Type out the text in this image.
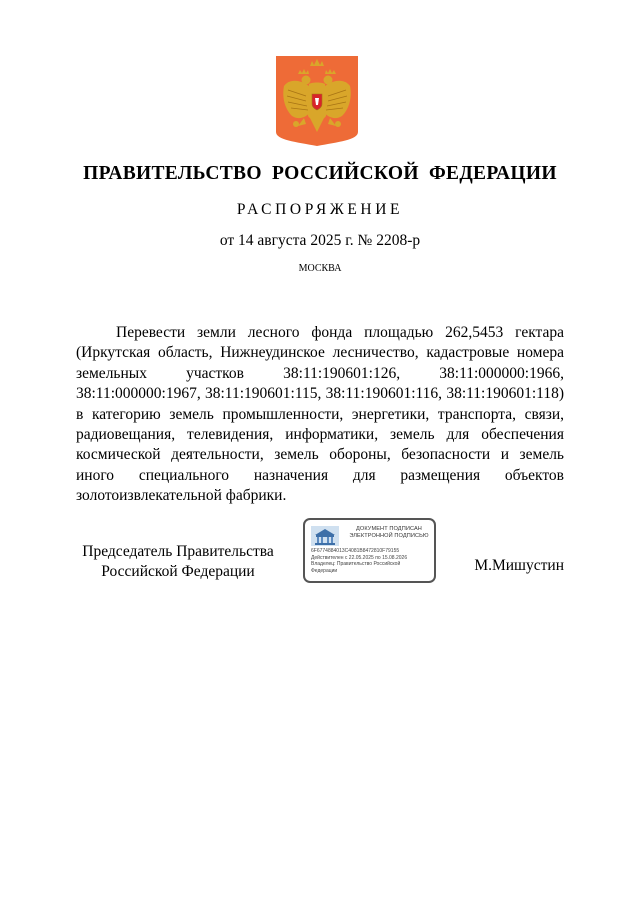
ПРАВИТЕЛЬСТВО РОССИЙСКОЙ ФЕДЕРАЦИИ
РАСПОРЯЖЕНИЕ
от 14 августа 2025 г. № 2208-р
МОСКВА
Перевести земли лесного фонда площадью 262,5453 гектара (Иркутская область, Нижнеудинское лесничество, кадастровые номера земельных участков 38:11:190601:126, 38:11:000000:1966, 38:11:000000:1967, 38:11:190601:115, 38:11:190601:116, 38:11:190601:118) в категорию земель промышленности, энергетики, транспорта, связи, радиовещания, телевидения, информатики, земель для обеспечения космической деятельности, земель обороны, безопасности и земель иного специального назначения для размещения объектов золотоизвлекательной фабрики.
Председатель Правительства
Российской Федерации
ДОКУМЕНТ ПОДПИСАН
ЭЛЕКТРОННОЙ ПОДПИСЬЮ
6F6774884013C4081B8472810F79155
Действителен с 22.05.2025 по 15.08.2026
Владелец: Правительство Российской
Федерации	М.Мишустин
